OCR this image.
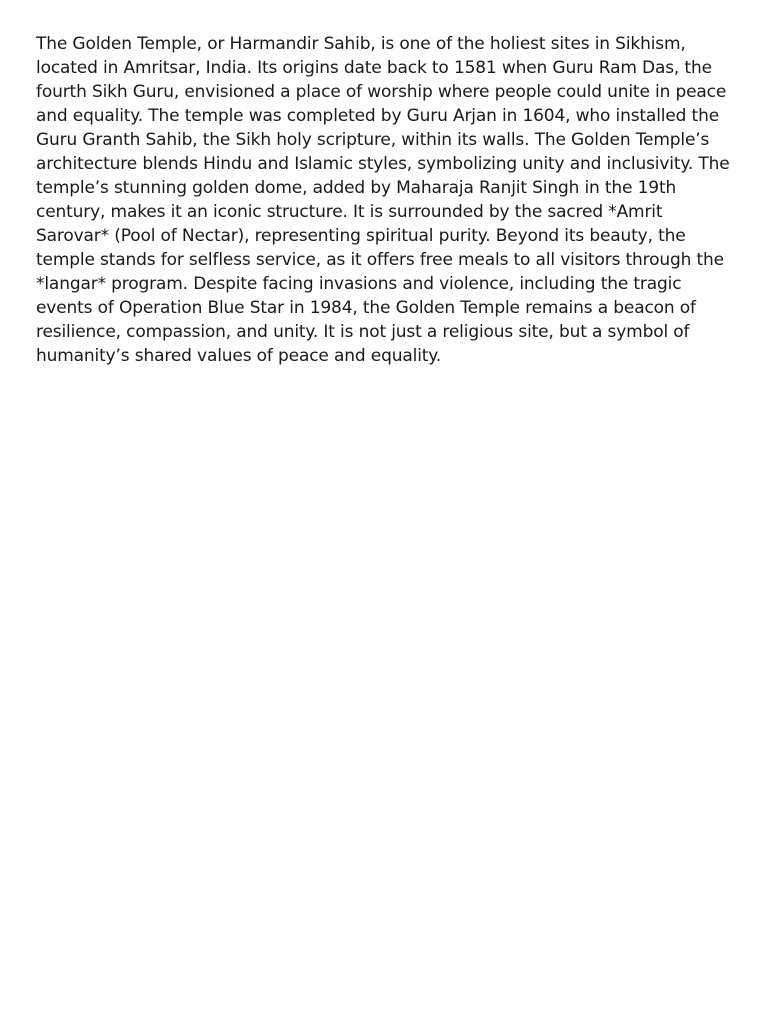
The Golden Temple, or Harmandir Sahib, is one of the holiest sites in Sikhism, located in Amritsar, India. Its origins date back to 1581 when Guru Ram Das, the fourth Sikh Guru, envisioned a place of worship where people could unite in peace and equality. The temple was completed by Guru Arjan in 1604, who installed the Guru Granth Sahib, the Sikh holy scripture, within its walls. The Golden Temple’s architecture blends Hindu and Islamic styles, symbolizing unity and inclusivity. The temple’s stunning golden dome, added by Maharaja Ranjit Singh in the 19th century, makes it an iconic structure. It is surrounded by the sacred *Amrit Sarovar* (Pool of Nectar), representing spiritual purity. Beyond its beauty, the temple stands for selfless service, as it offers free meals to all visitors through the *langar* program. Despite facing invasions and violence, including the tragic events of Operation Blue Star in 1984, the Golden Temple remains a beacon of resilience, compassion, and unity. It is not just a religious site, but a symbol of humanity’s shared values of peace and equality.
